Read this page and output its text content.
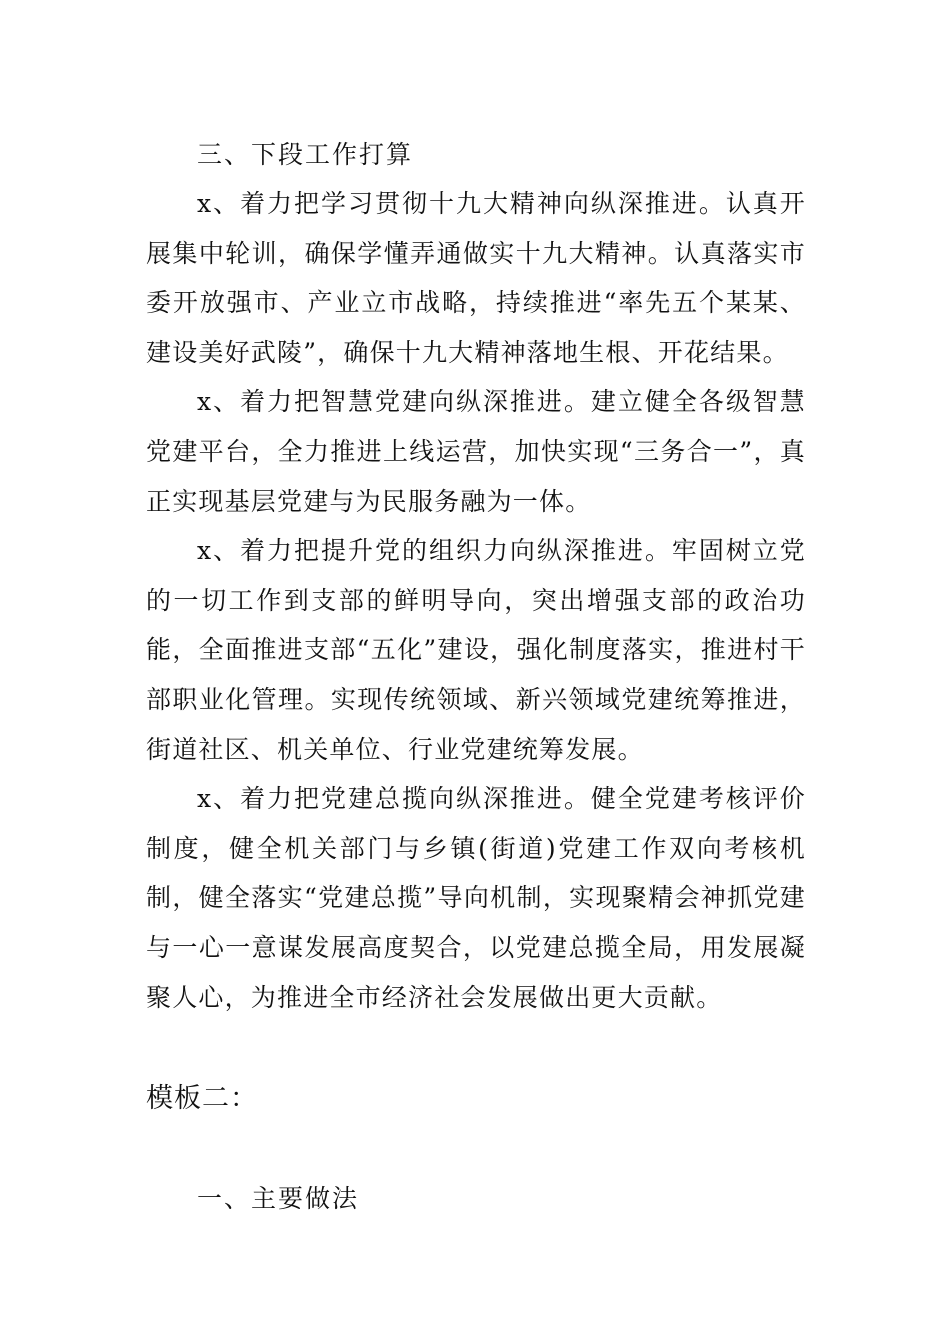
三、下段工作打算

x、着力把学习贯彻十九大精神向纵深推进。认真开展集中轮训，确保学懂弄通做实十九大精神。认真落实市委开放强市、产业立市战略，持续推进“率先五个某某、建设美好武陵”，确保十九大精神落地生根、开花结果。

x、着力把智慧党建向纵深推进。建立健全各级智慧党建平台，全力推进上线运营，加快实现“三务合一”，真正实现基层党建与为民服务融为一体。

x、着力把提升党的组织力向纵深推进。牢固树立党的一切工作到支部的鲜明导向，突出增强支部的政治功能，全面推进支部“五化”建设，强化制度落实，推进村干部职业化管理。实现传统领域、新兴领域党建统筹推进，街道社区、机关单位、行业党建统筹发展。

x、着力把党建总揽向纵深推进。健全党建考核评价制度，健全机关部门与乡镇(街道)党建工作双向考核机制，健全落实“党建总揽”导向机制，实现聚精会神抓党建与一心一意谋发展高度契合，以党建总揽全局，用发展凝聚人心，为推进全市经济社会发展做出更大贡献。

模板二：
一、主要做法
